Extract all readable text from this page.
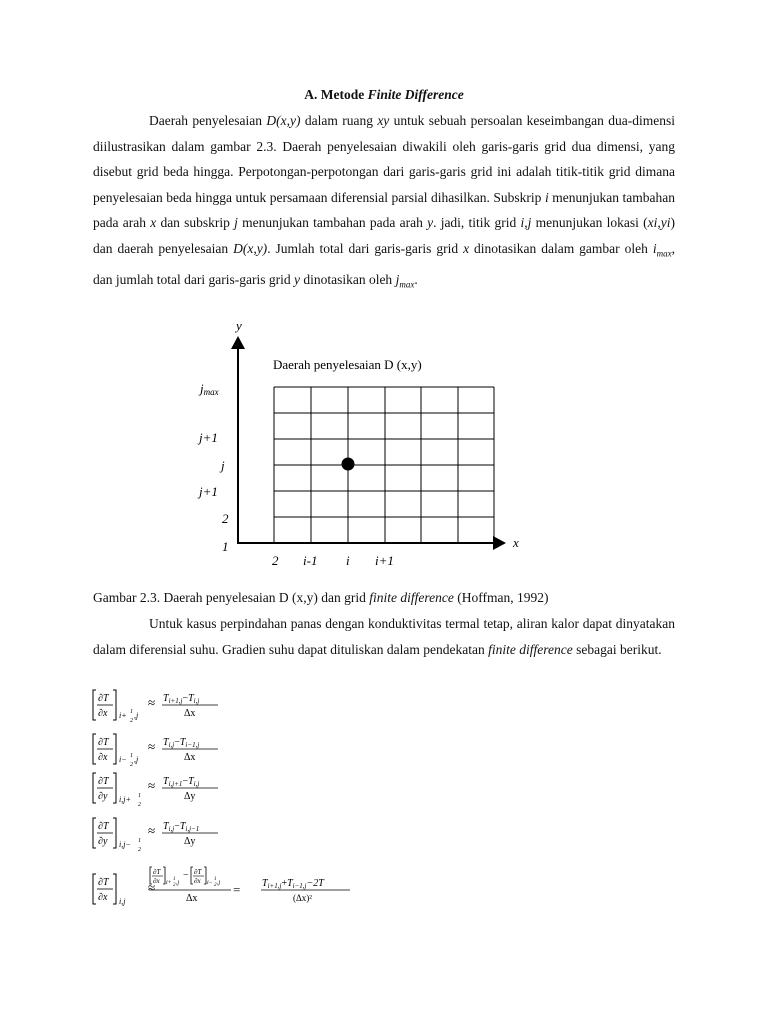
A. Metode Finite Difference

Daerah penyelesaian D(x,y) dalam ruang xy untuk sebuah persoalan keseimbangan dua-dimensi diilustrasikan dalam gambar 2.3. Daerah penyelesaian diwakili oleh garis-garis grid dua dimensi, yang disebut grid beda hingga. Perpotongan-perpotongan dari garis-garis grid ini adalah titik-titik grid dimana penyelesaian beda hingga untuk persamaan diferensial parsial dihasilkan. Subskrip i menunjukan tambahan pada arah x dan subskrip j menunjukan tambahan pada arah y. jadi, titik grid i,j menunjukan lokasi (xi,yi) dan daerah penyelesaian D(x,y). Jumlah total dari garis-garis grid x dinotasikan dalam gambar oleh $i_{max}$, dan jumlah total dari garis-garis grid y dinotasikan oleh $j_{max}$.

y
x
Daerah penyelesaian D (x,y)
jmax
j+1
j
j+1
2
1
2 i-1 i i+1
Gambar 2.3. Daerah penyelesaian D (x,y) dan grid finite difference (Hoffman, 1992)

Untuk kasus perpindahan panas dengan konduktivitas termal tetap, aliran kalor dapat dinyatakan dalam diferensial suhu. Gradien suhu dapat dituliskan dalam pendekatan finite difference sebagai berikut.

∂T
∂x i+ 1
2
,j
≈ $T_{i+1,j}-T_{i,j}$
Δx
∂T
∂x i− 1
2
,j
≈ $T_{i,j}-T_{i-1,j}$
Δx
∂T
∂y i,j+ 1
2
≈ $T_{i,j+1}-T_{i,j}$
Δy
∂T
∂y i,j− 1
2
≈ $T_{i,j}-T_{i,j-1}$
Δy
∂T
∂x i,j
≈
∂T
∂x i+
1
2 ,j
− ∂T
∂x i−
1
2 ,j
Δx
= $T_{i+1,j}+T_{i-1,j}-2T$
(Δx)²
